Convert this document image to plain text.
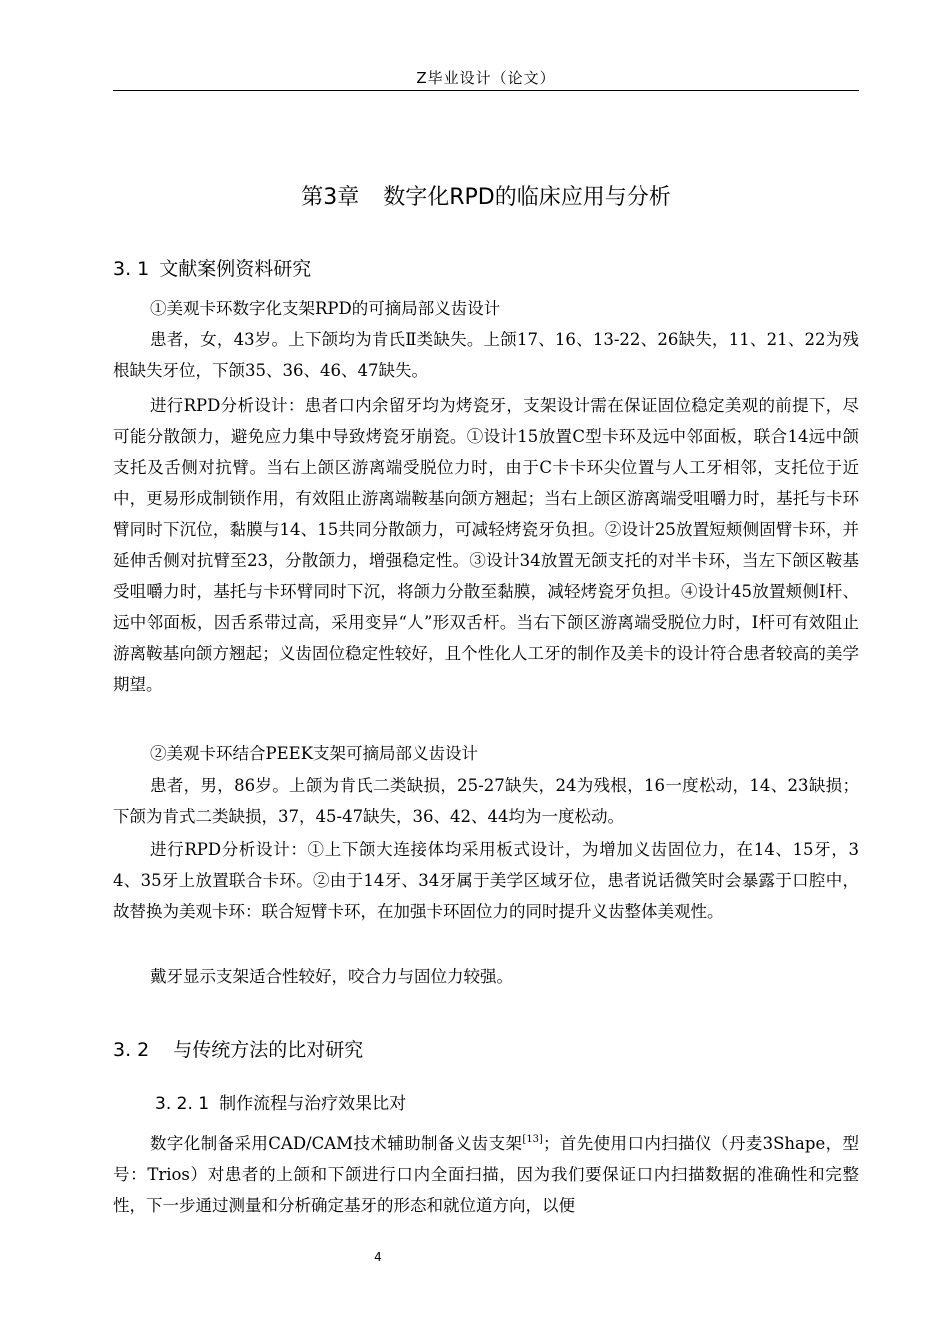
Z毕业设计（论文）
第3章 数字化RPD的临床应用与分析
3. 1 文献案例资料研究

①美观卡环数字化支架RPD的可摘局部义齿设计

患者，女，43岁。上下颌均为肯氏Ⅱ类缺失。上颌17、16、13-22、26缺失，11、21、22为残根缺失牙位，下颌35、36、46、47缺失。

进行RPD分析设计：患者口内余留牙均为烤瓷牙，支架设计需在保证固位稳定美观的前提下，尽可能分散颌力，避免应力集中导致烤瓷牙崩瓷。①设计15放置C型卡环及远中邻面板，联合14远中颌支托及舌侧对抗臂。当右上颌区游离端受脱位力时，由于C卡卡环尖位置与人工牙相邻，支托位于近中，更易形成制锁作用，有效阻止游离端鞍基向颌方翘起；当右上颌区游离端受咀嚼力时，基托与卡环臂同时下沉位，黏膜与14、15共同分散颌力，可减轻烤瓷牙负担。②设计25放置短颊侧固臂卡环，并延伸舌侧对抗臂至23，分散颌力，增强稳定性。③设计34放置无颌支托的对半卡环，当左下颌区鞍基受咀嚼力时，基托与卡环臂同时下沉，将颌力分散至黏膜，减轻烤瓷牙负担。④设计45放置颊侧I杆、远中邻面板，因舌系带过高，采用变异“人”形双舌杆。当右下颌区游离端受脱位力时，I杆可有效阻止游离鞍基向颌方翘起；义齿固位稳定性较好，且个性化人工牙的制作及美卡的设计符合患者较高的美学期望。

②美观卡环结合PEEK支架可摘局部义齿设计

患者，男，86岁。上颌为肯氏二类缺损，25-27缺失，24为残根，16一度松动，14、23缺损；下颌为肯式二类缺损，37，45-47缺失，36、42、44均为一度松动。

进行RPD分析设计：①上下颌大连接体均采用板式设计，为增加义齿固位力，在14、15牙，34、35牙上放置联合卡环。②由于14牙、34牙属于美学区域牙位，患者说话微笑时会暴露于口腔中，故替换为美观卡环：联合短臂卡环，在加强卡环固位力的同时提升义齿整体美观性。

戴牙显示支架适合性较好，咬合力与固位力较强。

3. 2 与传统方法的比对研究
3. 2. 1 制作流程与治疗效果比对

数字化制备采用CAD/CAM技术辅助制备义齿支架[13]；首先使用口内扫描仪（丹麦3Shape，型号：Trios）对患者的上颌和下颌进行口内全面扫描，因为我们要保证口内扫描数据的准确性和完整性，下一步通过测量和分析确定基牙的形态和就位道方向，以便

4
